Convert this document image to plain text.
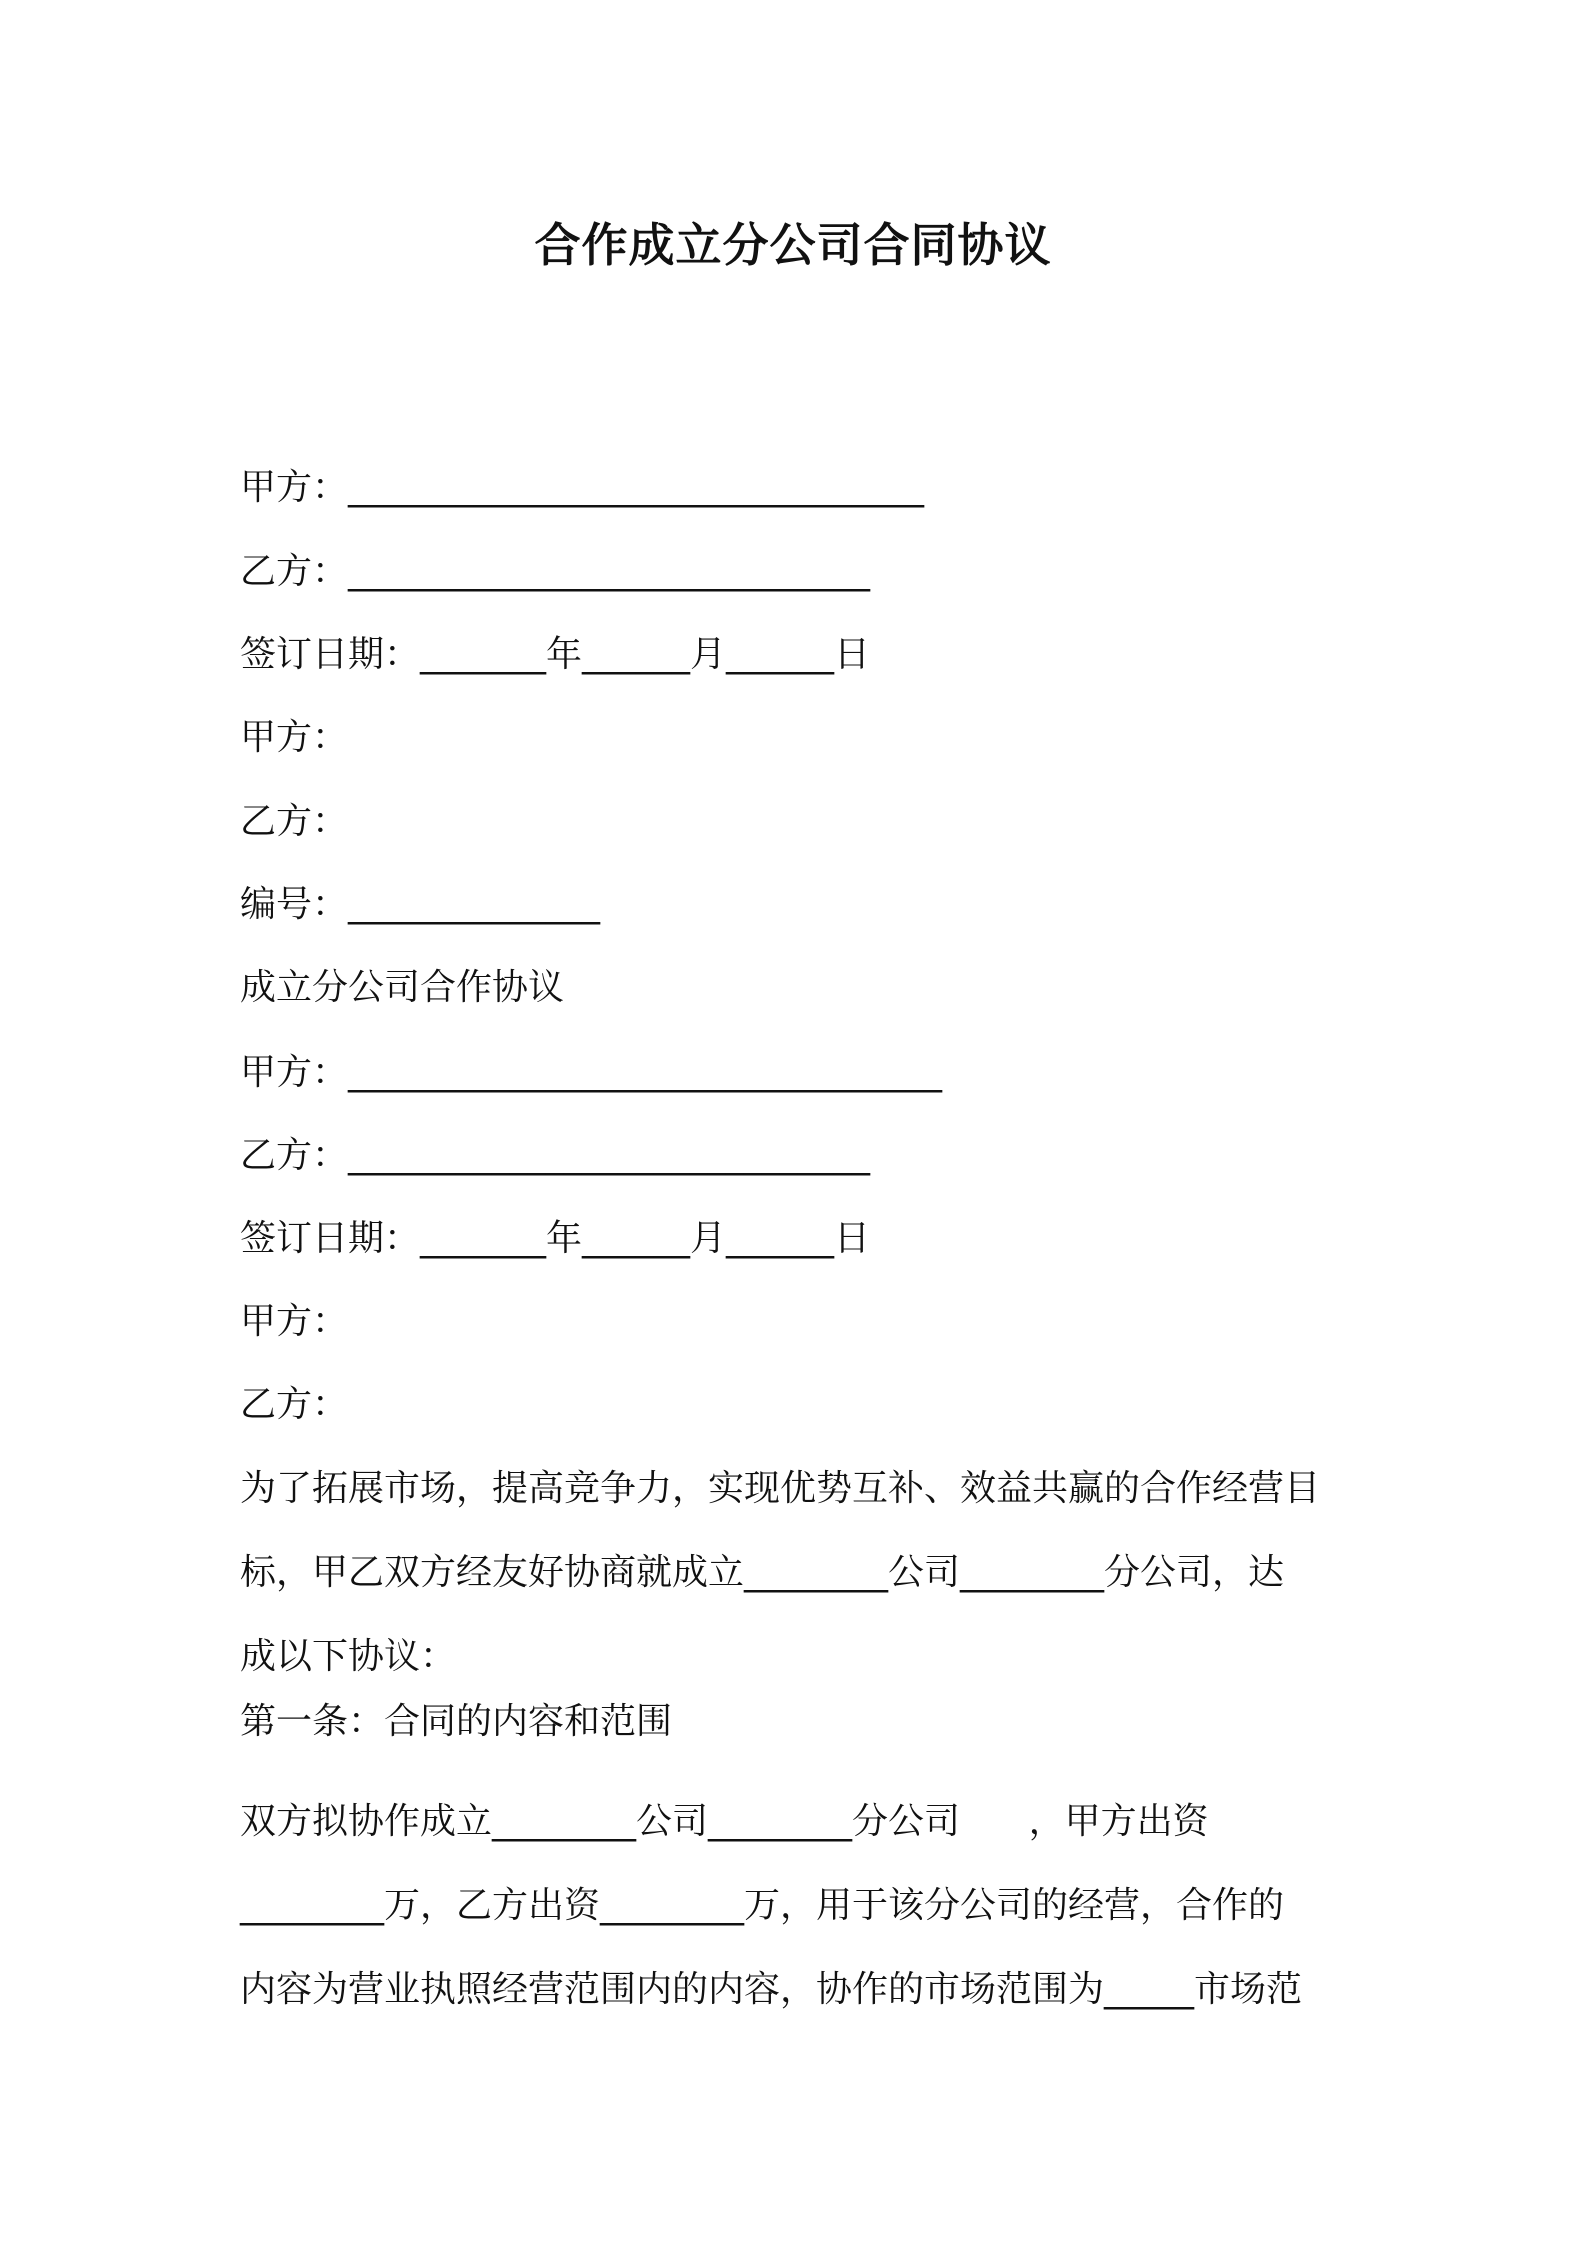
合作成立分公司合同协议
甲方：________________________________
乙方：_____________________________
签订日期：_______年______月______日
甲方：
乙方：
编号：______________
成立分公司合作协议
甲方：_________________________________
乙方：_____________________________
签订日期：_______年______月______日
甲方：
乙方：
为了拓展市场，提高竞争力，实现优势互补、效益共赢的合作经营目
标，甲乙双方经友好协商就成立________公司________分公司，达
成以下协议：
第一条：合同的内容和范围
双方拟协作成立________公司________分公司      ，甲方出资
________万，乙方出资________万，用于该分公司的经营，合作的
内容为营业执照经营范围内的内容，协作的市场范围为_____市场范
